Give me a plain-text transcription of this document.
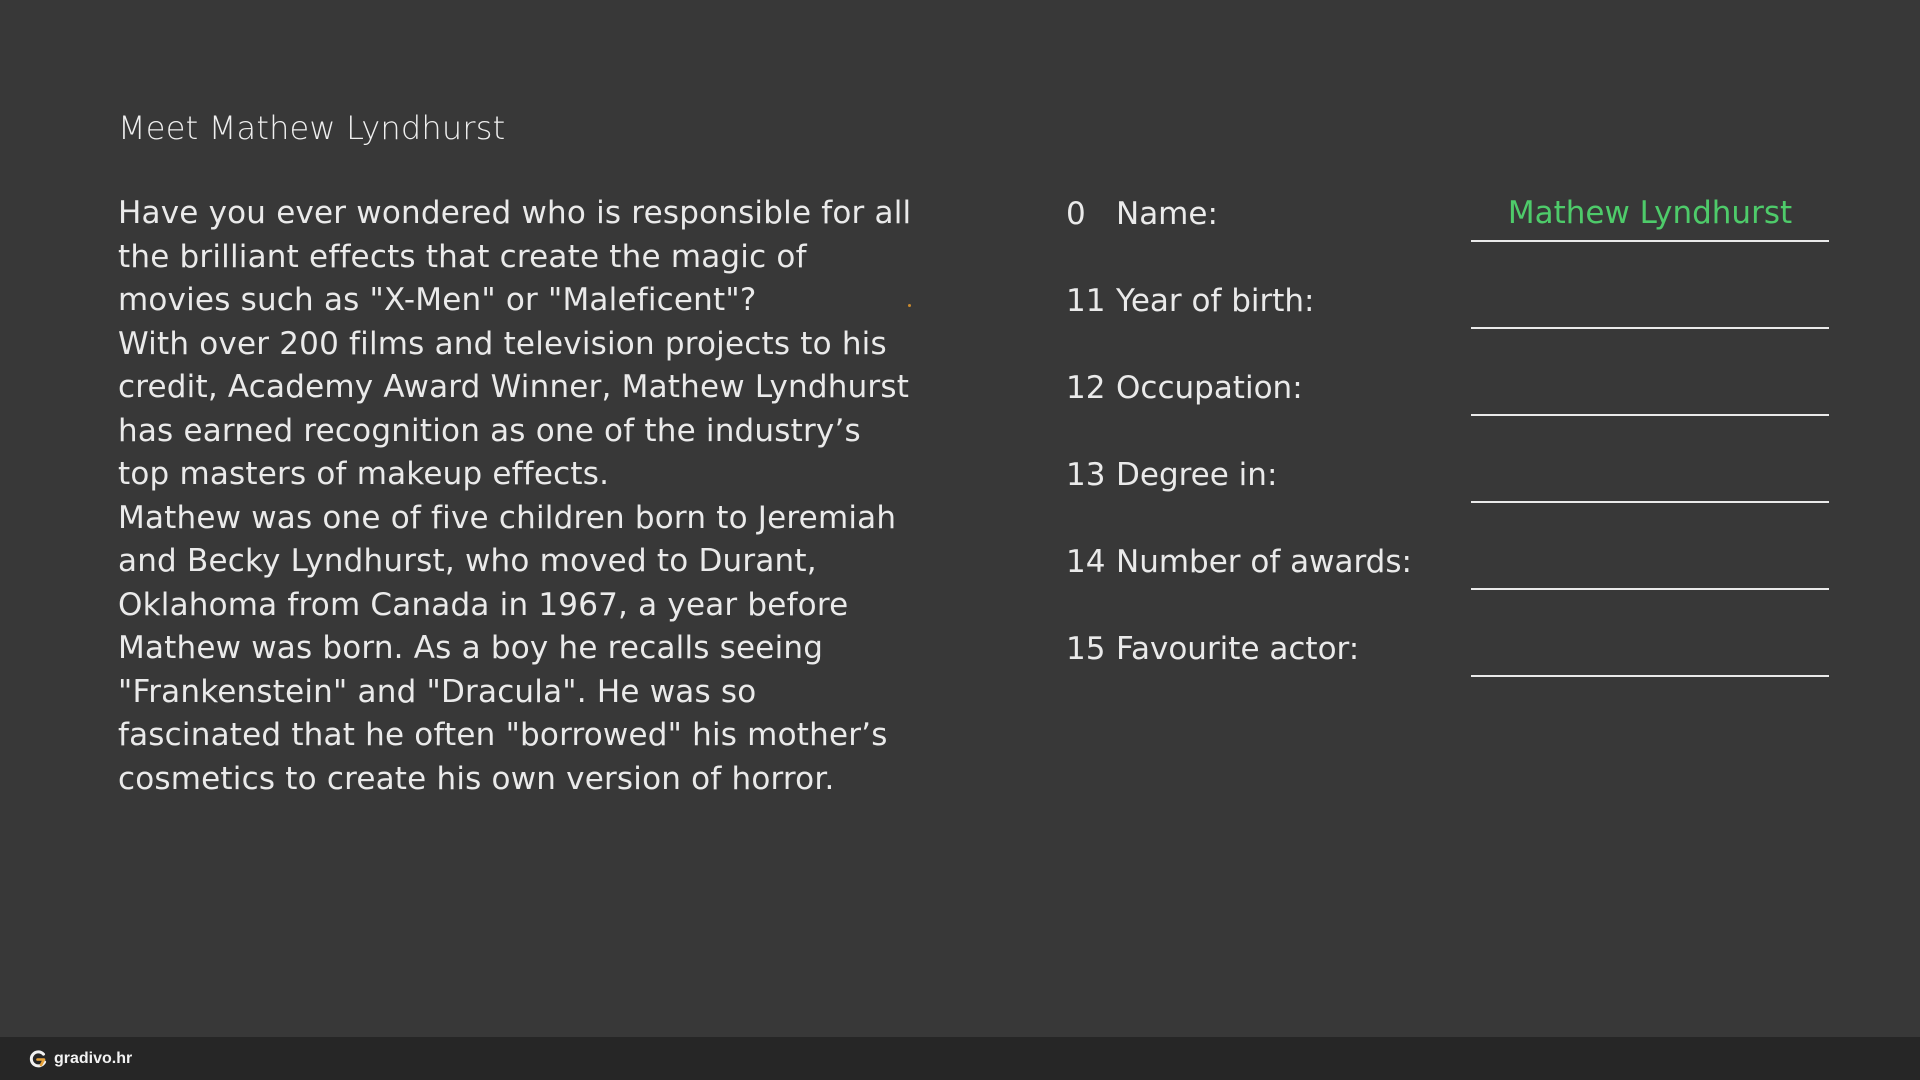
Meet Mathew Lyndhurst

Have you ever wondered who is responsible for all the brilliant effects that create the magic of movies such as "X-Men" or "Maleficent"?

With over 200 films and television projects to his credit, Academy Award Winner, Mathew Lyndhurst has earned recognition as one of the industry’s top masters of makeup effects.

Mathew was one of five children born to Jeremiah and Becky Lyndhurst, who moved to Durant, Oklahoma from Canada in 1967, a year before Mathew was born. As a boy he recalls seeing "Frankenstein" and "Dracula". He was so fascinated that he often "borrowed" his mother’s cosmetics to create his own version of horror.

0 Name:
Mathew Lyndhurst
11 Year of birth:
12 Occupation:
13 Degree in:
14 Number of awards:
15 Favourite actor:
gradivo.hr
